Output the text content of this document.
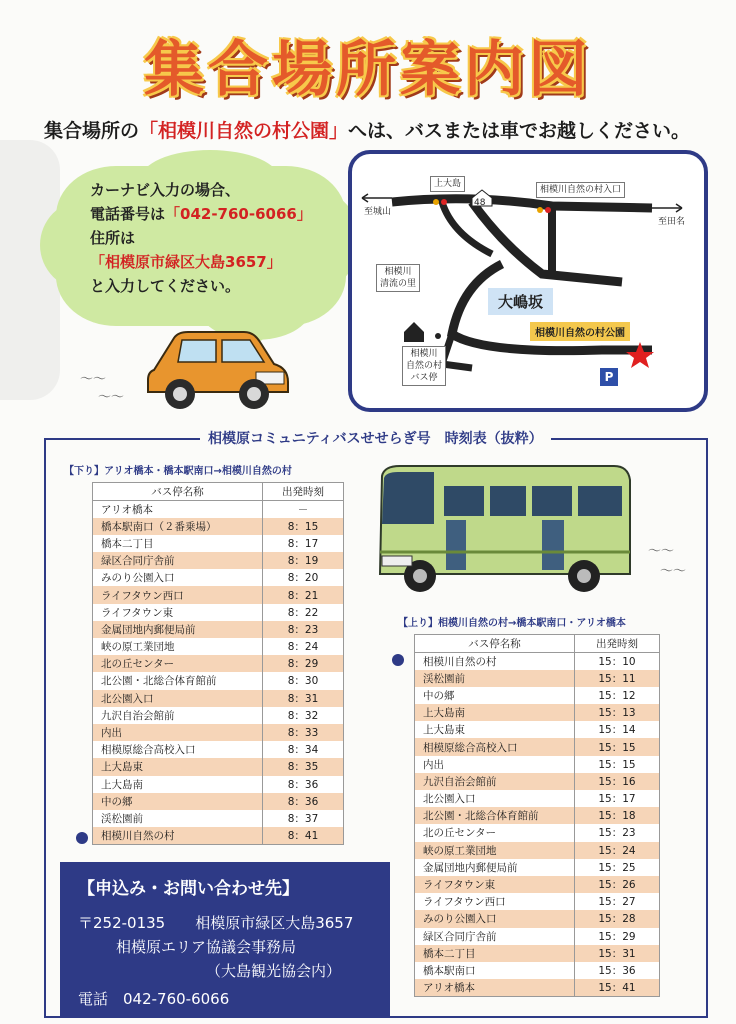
集合場所案内図
集合場所の「相模川自然の村公園」へは、バスまたは車でお越しください。
カーナビ入力の場合、
電話番号は「042-760-6066」
住所は
「相模原市緑区大島3657」
と入力してください。
〜〜
〜〜
上大島
48
相模川自然の村入口
至城山
至田名
相模川
清流の里
大嶋坂
相模川自然の村公園
相模川
自然の村
バス停	P
相模原コミュニティバスせせらぎ号　時刻表（抜粋）
【下り】アリオ橋本・橋本駅南口→相模川自然の村
バス停名称	出発時刻
アリオ橋本	－
橋本駅南口（２番乗場）	8：15
橋本二丁目	8：17
緑区合同庁舎前	8：19
みのり公園入口	8：20
ライフタウン西口	8：21
ライフタウン東	8：22
金属団地内郵便局前	8：23
峡の原工業団地	8：24
北の丘センター	8：29
北公園・北総合体育館前	8：30
北公園入口	8：31
九沢自治会館前	8：32
内出	8：33
相模原総合高校入口	8：34
上大島東	8：35
上大島南	8：36
中の郷	8：36
渓松園前	8：37
相模川自然の村	8：41
〜〜
〜〜
【上り】相模川自然の村→橋本駅南口・アリオ橋本
バス停名称	出発時刻
相模川自然の村	15：10
渓松園前	15：11
中の郷	15：12
上大島南	15：13
上大島東	15：14
相模原総合高校入口	15：15
内出	15：15
九沢自治会館前	15：16
北公園入口	15：17
北公園・北総合体育館前	15：18
北の丘センター	15：23
峡の原工業団地	15：24
金属団地内郵便局前	15：25
ライフタウン東	15：26
ライフタウン西口	15：27
みのり公園入口	15：28
緑区合同庁舎前	15：29
橋本二丁目	15：31
橋本駅南口	15：36
アリオ橋本	15：41
【申込み・お問い合わせ先】
〒252-0135　　相模原市緑区大島3657
相模原エリア協議会事務局
（大島観光協会内）
電話　042-760-6066
